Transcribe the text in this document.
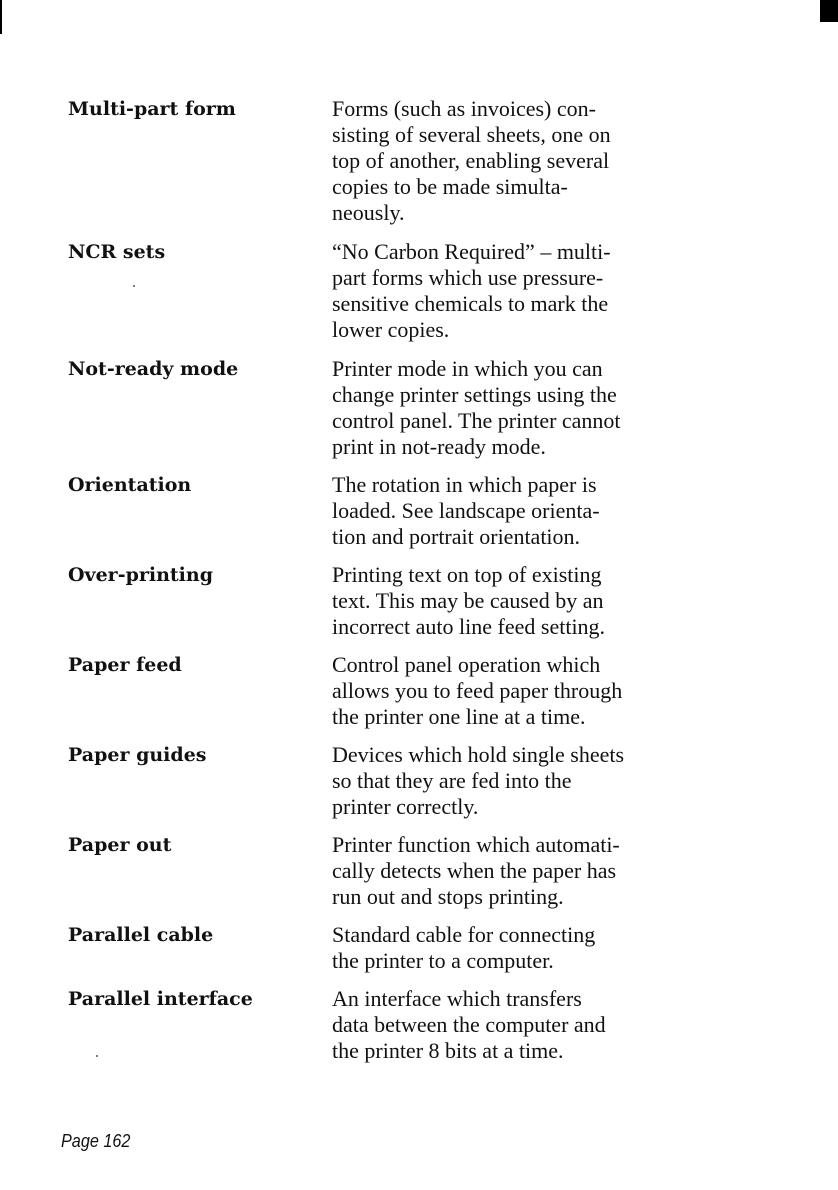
Multi-part form	Forms (such as invoices) con-
sisting of several sheets, one on
top of another, enabling several
copies to be made simulta-
neously.
NCR sets	“No Carbon Required” – multi-
part forms which use pressure-
sensitive chemicals to mark the
lower copies.
Not-ready mode	Printer mode in which you can
change printer settings using the
control panel. The printer cannot
print in not-ready mode.
Orientation	The rotation in which paper is
loaded. See landscape orienta-
tion and portrait orientation.
Over-printing	Printing text on top of existing
text. This may be caused by an
incorrect auto line feed setting.
Paper feed	Control panel operation which
allows you to feed paper through
the printer one line at a time.
Paper guides	Devices which hold single sheets
so that they are fed into the
printer correctly.
Paper out	Printer function which automati-
cally detects when the paper has
run out and stops printing.
Parallel cable	Standard cable for connecting
the printer to a computer.
Parallel interface	An interface which transfers
data between the computer and
the printer 8 bits at a time.
Page 162
